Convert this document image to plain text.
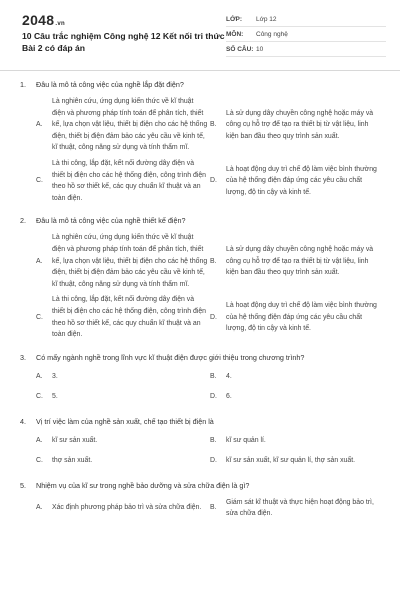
2048.vn
10 Câu trắc nghiệm Công nghệ 12 Kết nối tri thức Bài 2 có đáp án
LỚP:	Lớp 12
MÔN:	Công nghệ
SỐ CÂU: 10
1.	Đâu là mô tả công việc của nghề lắp đặt điện?
A.
Là nghiên cứu, ứng dụng kiến thức về kĩ thuật điện và phương pháp tính toán để phân tích, thiết kế, lựa chọn vật liệu, thiết bị điện cho các hệ thống điện, thiết bị điện đảm bảo các yêu cầu về kinh tế, kĩ thuật, công năng sử dụng và tính thẩm mĩ.
B.
Là sử dụng dây chuyền công nghệ hoặc máy và công cụ hỗ trợ để tạo ra thiết bị từ vật liệu, linh kiện ban đầu theo quy trình sản xuất.
C.
Là thi công, lắp đặt, kết nối đường dây điện và thiết bị điện cho các hệ thống điện, công trình điện theo hồ sơ thiết kế, các quy chuẩn kĩ thuật và an toàn điện.
D.
Là hoạt động duy trì chế độ làm việc bình thường của hệ thống điện đáp ứng các yêu cầu chất lượng, độ tin cậy và kinh tế.
2.	Đâu là mô tả công việc của nghề thiết kế điện?
A.
Là nghiên cứu, ứng dụng kiến thức về kĩ thuật điện và phương pháp tính toán để phân tích, thiết kế, lựa chọn vật liệu, thiết bị điện cho các hệ thống điện, thiết bị điện đảm bảo các yêu cầu về kinh tế, kĩ thuật, công năng sử dụng và tính thẩm mĩ.
B.
Là sử dụng dây chuyền công nghệ hoặc máy và công cụ hỗ trợ để tạo ra thiết bị từ vật liệu, linh kiện ban đầu theo quy trình sản xuất.
C.
Là thi công, lắp đặt, kết nối đường dây điện và thiết bị điện cho các hệ thống điện, công trình điện theo hồ sơ thiết kế, các quy chuẩn kĩ thuật và an toàn điện.
D.
Là hoạt động duy trì chế độ làm việc bình thường của hệ thống điện đáp ứng các yêu cầu chất lượng, độ tin cậy và kinh tế.
3.	Có mấy ngành nghề trong lĩnh vực kĩ thuật điện được giới thiệu trong chương trình?
A.	3.	B.	4.
C.	5.	D.	6.
4.	Vị trí việc làm của nghề sản xuất, chế tạo thiết bị điện là
A.	kĩ sư sản xuất.	B.	kĩ sư quản lí.
C.	thợ sản xuất.	D.	kĩ sư sản xuất, kĩ sư quản lí, thợ sản xuất.
5.	Nhiệm vụ của kĩ sư trong nghề bảo dưỡng và sửa chữa điện là gì?
A.	Xác định phương pháp bảo trì và sửa chữa điện.	B.
Giám sát kĩ thuật và thực hiện hoạt động bảo trì, sửa chữa điện.
